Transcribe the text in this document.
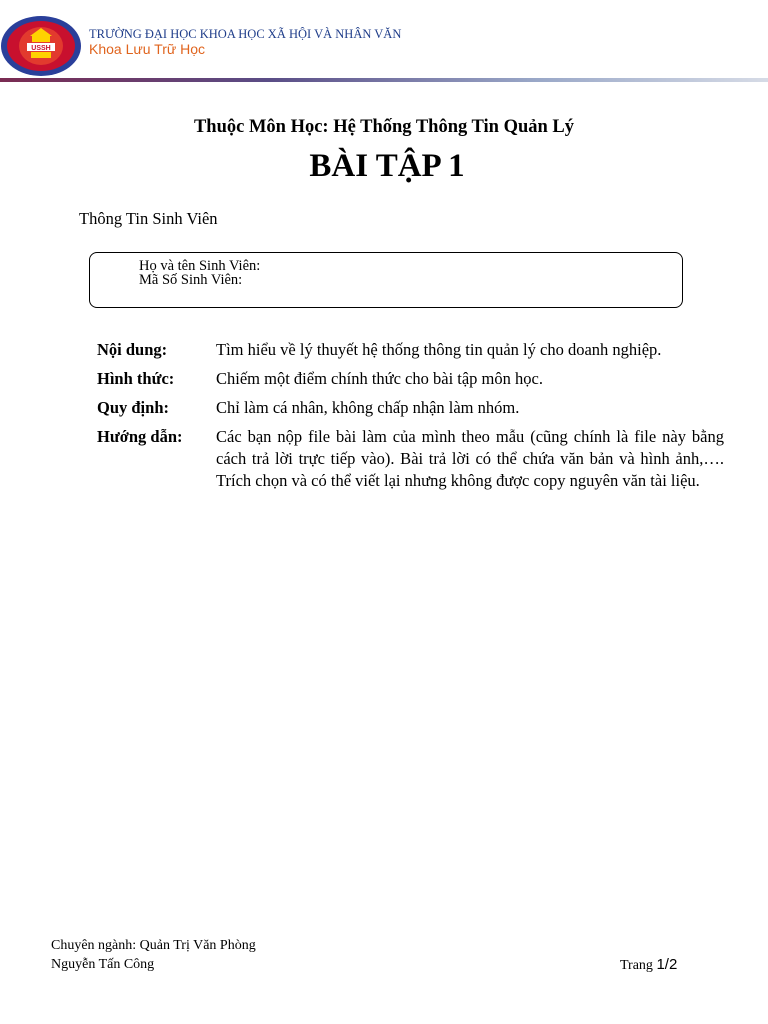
USSH
TRƯỜNG ĐẠI HỌC KHOA HỌC XÃ HỘI VÀ NHÂN VĂN
Khoa Lưu Trữ Học
Thuộc Môn Học: Hệ Thống Thông Tin Quản Lý
BÀI TẬP 1
Thông Tin Sinh Viên
Họ và tên Sinh Viên:
Mã Số Sinh Viên:
Nội dung:	Tìm hiểu về lý thuyết hệ thống thông tin quản lý cho doanh nghiệp.
Hình thức:	Chiếm một điểm chính thức cho bài tập môn học.
Quy định:	Chỉ làm cá nhân, không chấp nhận làm nhóm.
Hướng dẫn:	Các bạn nộp file bài làm của mình theo mẫu (cũng chính là file này bằng cách trả lời trực tiếp vào). Bài trả lời có thể chứa văn bản và hình ảnh,…. Trích chọn và có thể viết lại nhưng không được copy nguyên văn tài liệu.
Chuyên ngành: Quản Trị Văn Phòng
Nguyễn Tấn Công	Trang 1/2
